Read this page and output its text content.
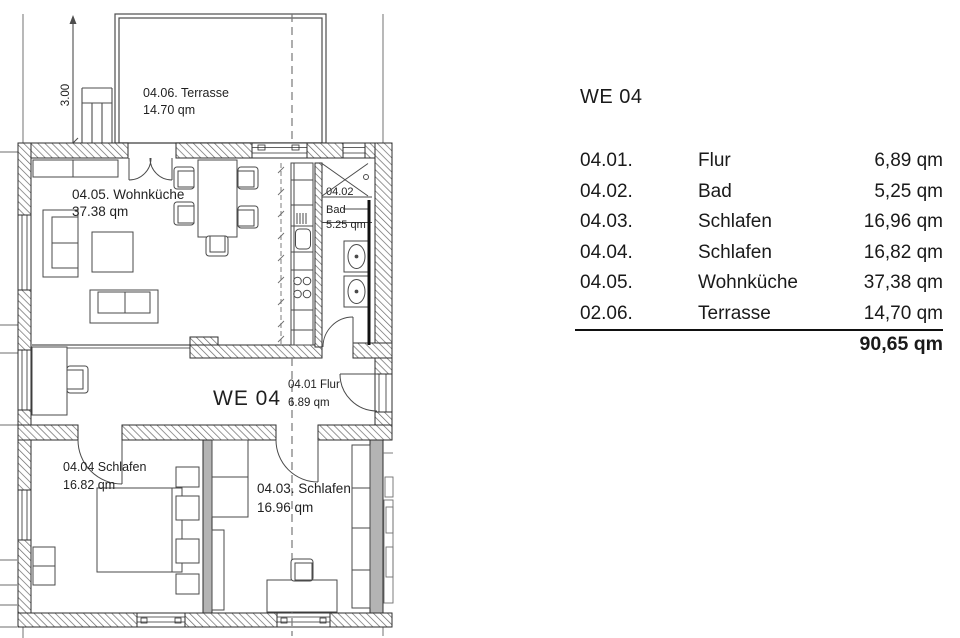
3.00	04.06. Terrasse
14.70 qm
04.05. Wohnküche
37.38 qm
04.02
Bad
5.25 qm
WE 04
04.01 Flur
6.89 qm
04.04 Schlafen
16.82 qm	04.03. Schlafen
16.96 qm
WE 04
04.01.	Flur	6,89 qm
04.02.	Bad	5,25 qm
04.03.	Schlafen	16,96 qm
04.04.	Schlafen	16,82 qm
04.05.	Wohnküche	37,38 qm
02.06.	Terrasse	14,70 qm
90,65 qm
